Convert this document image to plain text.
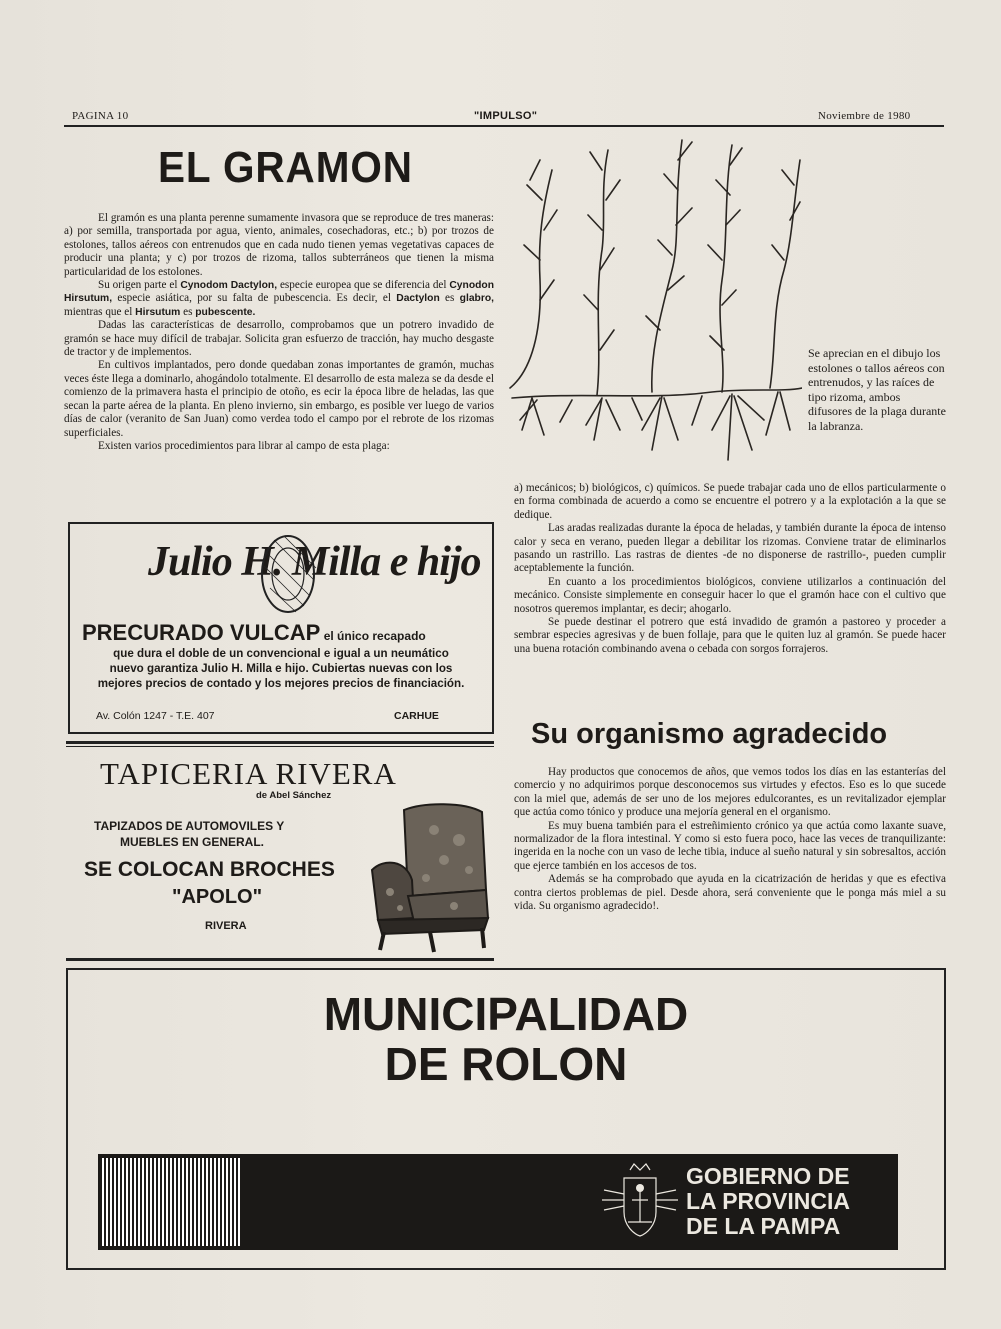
PAGINA 10	"IMPULSO"	Noviembre de 1980
EL GRAMON

El gramón es una planta perenne sumamente invasora que se reproduce de tres maneras: a) por semilla, transportada por agua, viento, animales, cosechadoras, etc.; b) por trozos de estolones, tallos aéreos con entrenudos que en cada nudo tienen yemas vegetativas capaces de producir una planta; y c) por trozos de rizoma, tallos subterráneos que tienen la misma particularidad de los estolones.

Su origen parte el Cynodom Dactylon, especie europea que se diferencia del Cynodon Hirsutum, especie asiática, por su falta de pubescencia. Es decir, el Dactylon es glabro, mientras que el Hirsutum es pubescente.

Dadas las características de desarrollo, comprobamos que un potrero invadido de gramón se hace muy difícil de trabajar. Solicita gran esfuerzo de tracción, hay mucho desgaste de tractor y de implementos.

En cultivos implantados, pero donde quedaban zonas importantes de gramón, muchas veces éste llega a dominarlo, ahogándolo totalmente. El desarrollo de esta maleza se da desde el comienzo de la primavera hasta el principio de otoño, es ecir la época libre de heladas, las que secan la parte aérea de la planta. En pleno invierno, sin embargo, es posible ver luego de varios días de calor (veranito de San Juan) como verdea todo el campo por el rebrote de los rizomas superficiales.

Existen varios procedimientos para librar al campo de esta plaga:

Se aprecian en el dibujo los estolones o tallos aéreos con entrenudos, y las raíces de tipo rizoma, ambos difusores de la plaga durante la labranza.

a) mecánicos; b) biológicos, c) químicos. Se puede trabajar cada uno de ellos particularmente o en forma combinada de acuerdo a como se encuentre el potrero y a la explotación a la que se dedique.

Las aradas realizadas durante la época de heladas, y también durante la época de intenso calor y seca en verano, pueden llegar a debilitar los rizomas. Conviene tratar de eliminarlos pasando un rastrillo. Las rastras de dientes -de no disponerse de rastrillo-, pueden cumplir aceptablemente la función.

En cuanto a los procedimientos biológicos, conviene utilizarlos a continuación del mecánico. Consiste simplemente en conseguir hacer lo que el gramón hace con el cultivo que nosotros queremos implantar, es decir; ahogarlo.

Se puede destinar el potrero que está invadido de gramón a pastoreo y proceder a sembrar especies agresivas y de buen follaje, para que le quiten luz al gramón. Se puede hacer una buena rotación combinando avena o cebada con sorgos forrajeros.

Su organismo agradecido

Hay productos que conocemos de años, que vemos todos los días en las estanterías del comercio y no adquirimos porque desconocemos sus virtudes y efectos. Eso es lo que sucede con la miel que, además de ser uno de los mejores edulcorantes, es un revitalizador ejemplar que actúa como tónico y produce una mejoría general en el organismo.

Es muy buena también para el estreñimiento crónico ya que actúa como laxante suave, normalizador de la flora intestinal. Y como si esto fuera poco, hace las veces de tranquilizante: ingerida en la noche con un vaso de leche tibia, induce al sueño natural y sin sobresaltos, acción que ejerce también en los accesos de tos.

Además se ha comprobado que ayuda en la cicatrización de heridas y que es efectiva contra ciertos problemas de piel. Desde ahora, será conveniente que le ponga más miel a su vida. Su organismo agradecido!.

Julio H. Milla e hijo
PRECURADO VULCAP el único recapado
que dura el doble de un convencional e igual a un neumático
nuevo garantiza Julio H. Milla e hijo. Cubiertas nuevas con los
mejores precios de contado y los mejores precios de financiación.
Av. Colón 1247 - T.E. 407	CARHUE
TAPICERIA RIVERA
de Abel Sánchez
TAPIZADOS DE AUTOMOVILES Y
MUEBLES EN GENERAL.
SE COLOCAN BROCHES
"APOLO"
RIVERA
MUNICIPALIDAD
DE ROLON
GOBIERNO DE
LA PROVINCIA
DE LA PAMPA
